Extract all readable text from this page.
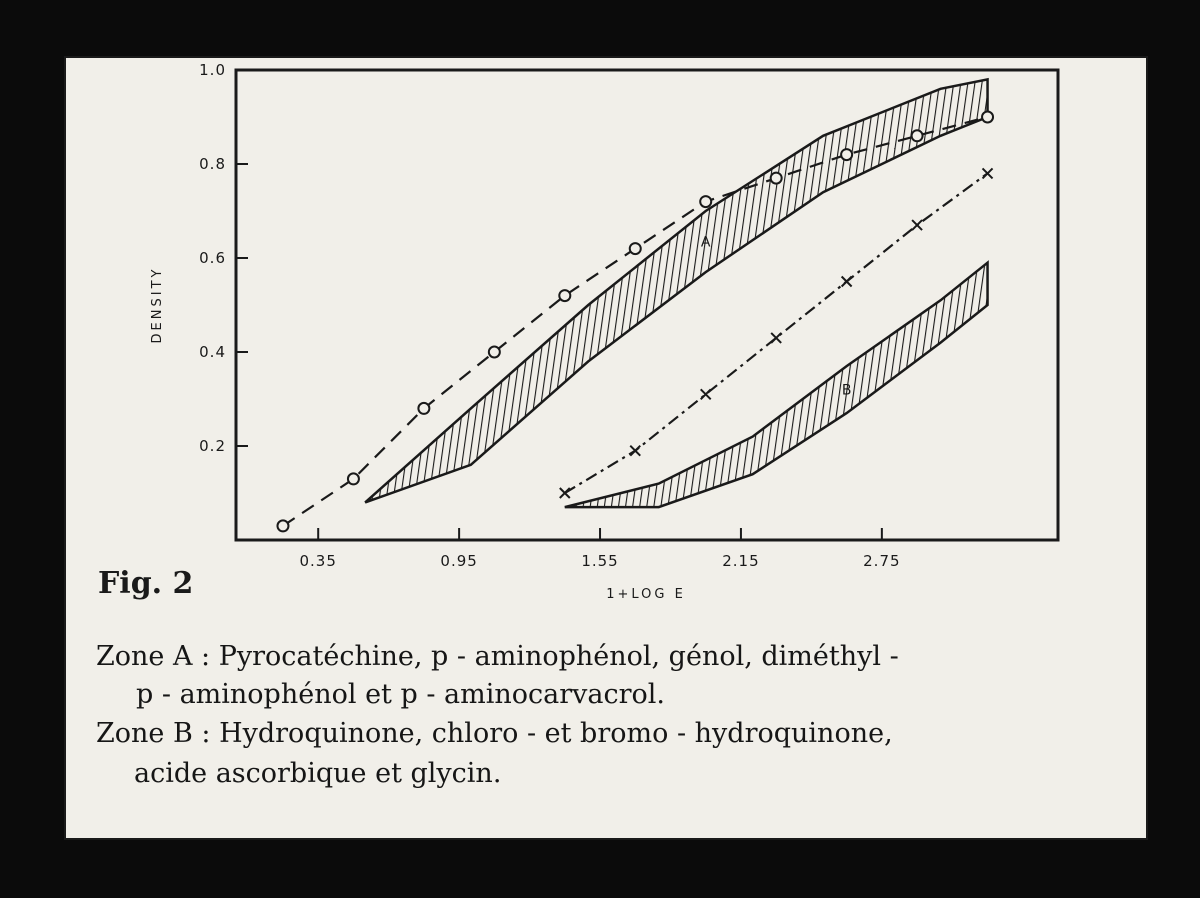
A
B
0.35	0.95	1.55	2.15	2.75
0.2
0.4
0.6
0.8
1.0
1+LOG E
DENSITY
Fig. 2
Zone A : Pyrocatéchine, p - aminophénol, génol, diméthyl -
p - aminophénol et p - aminocarvacrol.
Zone B : Hydroquinone, chloro - et bromo - hydroquinone,
acide ascorbique et glycin.
